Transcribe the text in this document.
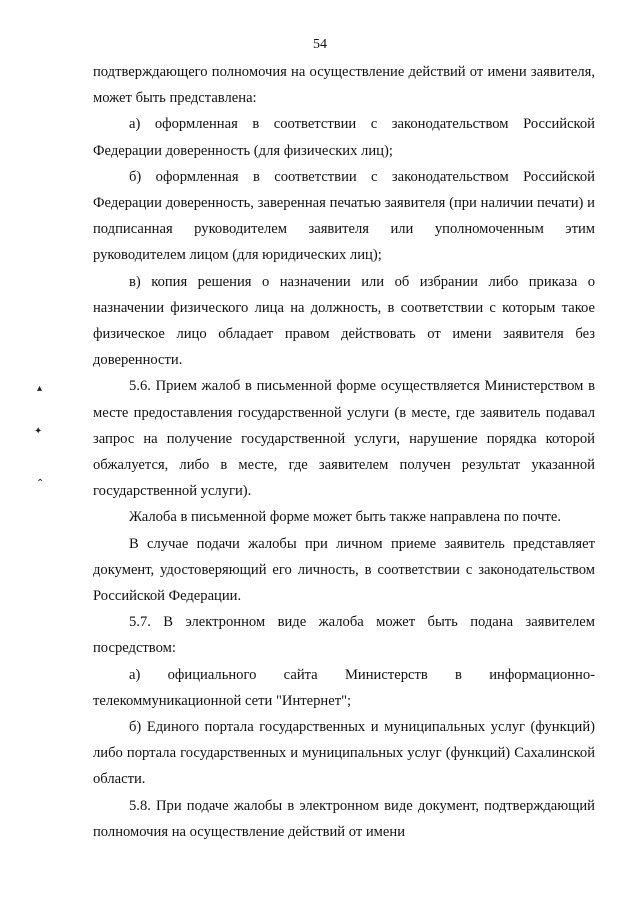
54
▴
✦
⌃

подтверждающего полномочия на осуществление действий от имени заявителя, может быть представлена:

а) оформленная в соответствии с законодательством Российской Федерации доверенность (для физических лиц);

б) оформленная в соответствии с законодательством Российской Федерации доверенность, заверенная печатью заявителя (при наличии печати) и подписанная руководителем заявителя или уполномоченным этим руководителем лицом (для юридических лиц);

в) копия решения о назначении или об избрании либо приказа о назначении физического лица на должность, в соответствии с которым такое физическое лицо обладает правом действовать от имени заявителя без доверенности.

5.6. Прием жалоб в письменной форме осуществляется Министерством в месте предоставления государственной услуги (в месте, где заявитель подавал запрос на получение государственной услуги, нарушение порядка которой обжалуется, либо в месте, где заявителем получен результат указанной государственной услуги).

Жалоба в письменной форме может быть также направлена по почте.

В случае подачи жалобы при личном приеме заявитель представляет документ, удостоверяющий его личность, в соответствии с законодательством Российской Федерации.

5.7. В электронном виде жалоба может быть подана заявителем посредством:

а) официального сайта Министерств в информационно-телекоммуникационной сети "Интернет";

б) Единого портала государственных и муниципальных услуг (функций) либо портала государственных и муниципальных услуг (функций) Сахалинской области.

5.8. При подаче жалобы в электронном виде документ, подтверждающий полномочия на осуществление действий от имени
